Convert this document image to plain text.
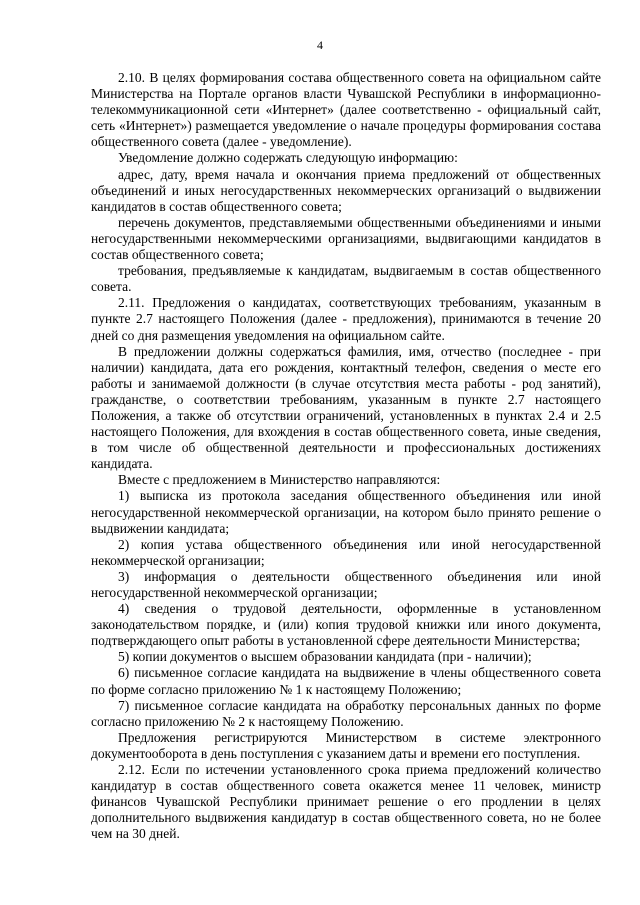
4

2.10. В целях формирования состава общественного совета на официальном сайте Министерства на Портале органов власти Чувашской Республики в информационно-телекоммуникационной сети «Интернет» (далее соответственно - официальный сайт, сеть «Интернет») размещается уведомление о начале процедуры формирования состава общественного совета (далее - уведомление).

Уведомление должно содержать следующую информацию:

адрес, дату, время начала и окончания приема предложений от общественных объединений и иных негосударственных некоммерческих организаций о выдвижении кандидатов в состав общественного совета;

перечень документов, представляемыми общественными объединениями и иными негосударственными некоммерческими организациями, выдвигающими кандидатов в состав общественного совета;

требования, предъявляемые к кандидатам, выдвигаемым в состав общественного совета.

2.11. Предложения о кандидатах, соответствующих требованиям, указанным в пункте 2.7 настоящего Положения (далее - предложения), принимаются в течение 20 дней со дня размещения уведомления на официальном сайте.

В предложении должны содержаться фамилия, имя, отчество (последнее - при наличии) кандидата, дата его рождения, контактный телефон, сведения о месте его работы и занимаемой должности (в случае отсутствия места работы - род занятий), гражданстве, о соответствии требованиям, указанным в пункте 2.7 настоящего Положения, а также об отсутствии ограничений, установленных в пунктах 2.4 и 2.5 настоящего Положения, для вхождения в состав общественного совета, иные сведения, в том числе об общественной деятельности и профессиональных достижениях кандидата.

Вместе с предложением в Министерство направляются:

1) выписка из протокола заседания общественного объединения или иной негосударственной некоммерческой организации, на котором было принято решение о выдвижении кандидата;

2) копия устава общественного объединения или иной негосударственной некоммерческой организации;

3) информация о деятельности общественного объединения или иной негосударственной некоммерческой организации;

4) сведения о трудовой деятельности, оформленные в установленном законодательством порядке, и (или) копия трудовой книжки или иного документа, подтверждающего опыт работы в установленной сфере деятельности Министерства;

5) копии документов о высшем образовании кандидата (при - наличии);

6) письменное согласие кандидата на выдвижение в члены общественного совета по форме согласно приложению № 1 к настоящему Положению;

7) письменное согласие кандидата на обработку персональных данных по форме согласно приложению № 2 к настоящему Положению.

Предложения регистрируются Министерством в системе электронного документооборота в день поступления с указанием даты и времени его поступления.

2.12. Если по истечении установленного срока приема предложений количество кандидатур в состав общественного совета окажется менее 11 человек, министр финансов Чувашской Республики принимает решение о его продлении в целях дополнительного выдвижения кандидатур в состав общественного совета, но не более чем на 30 дней.
